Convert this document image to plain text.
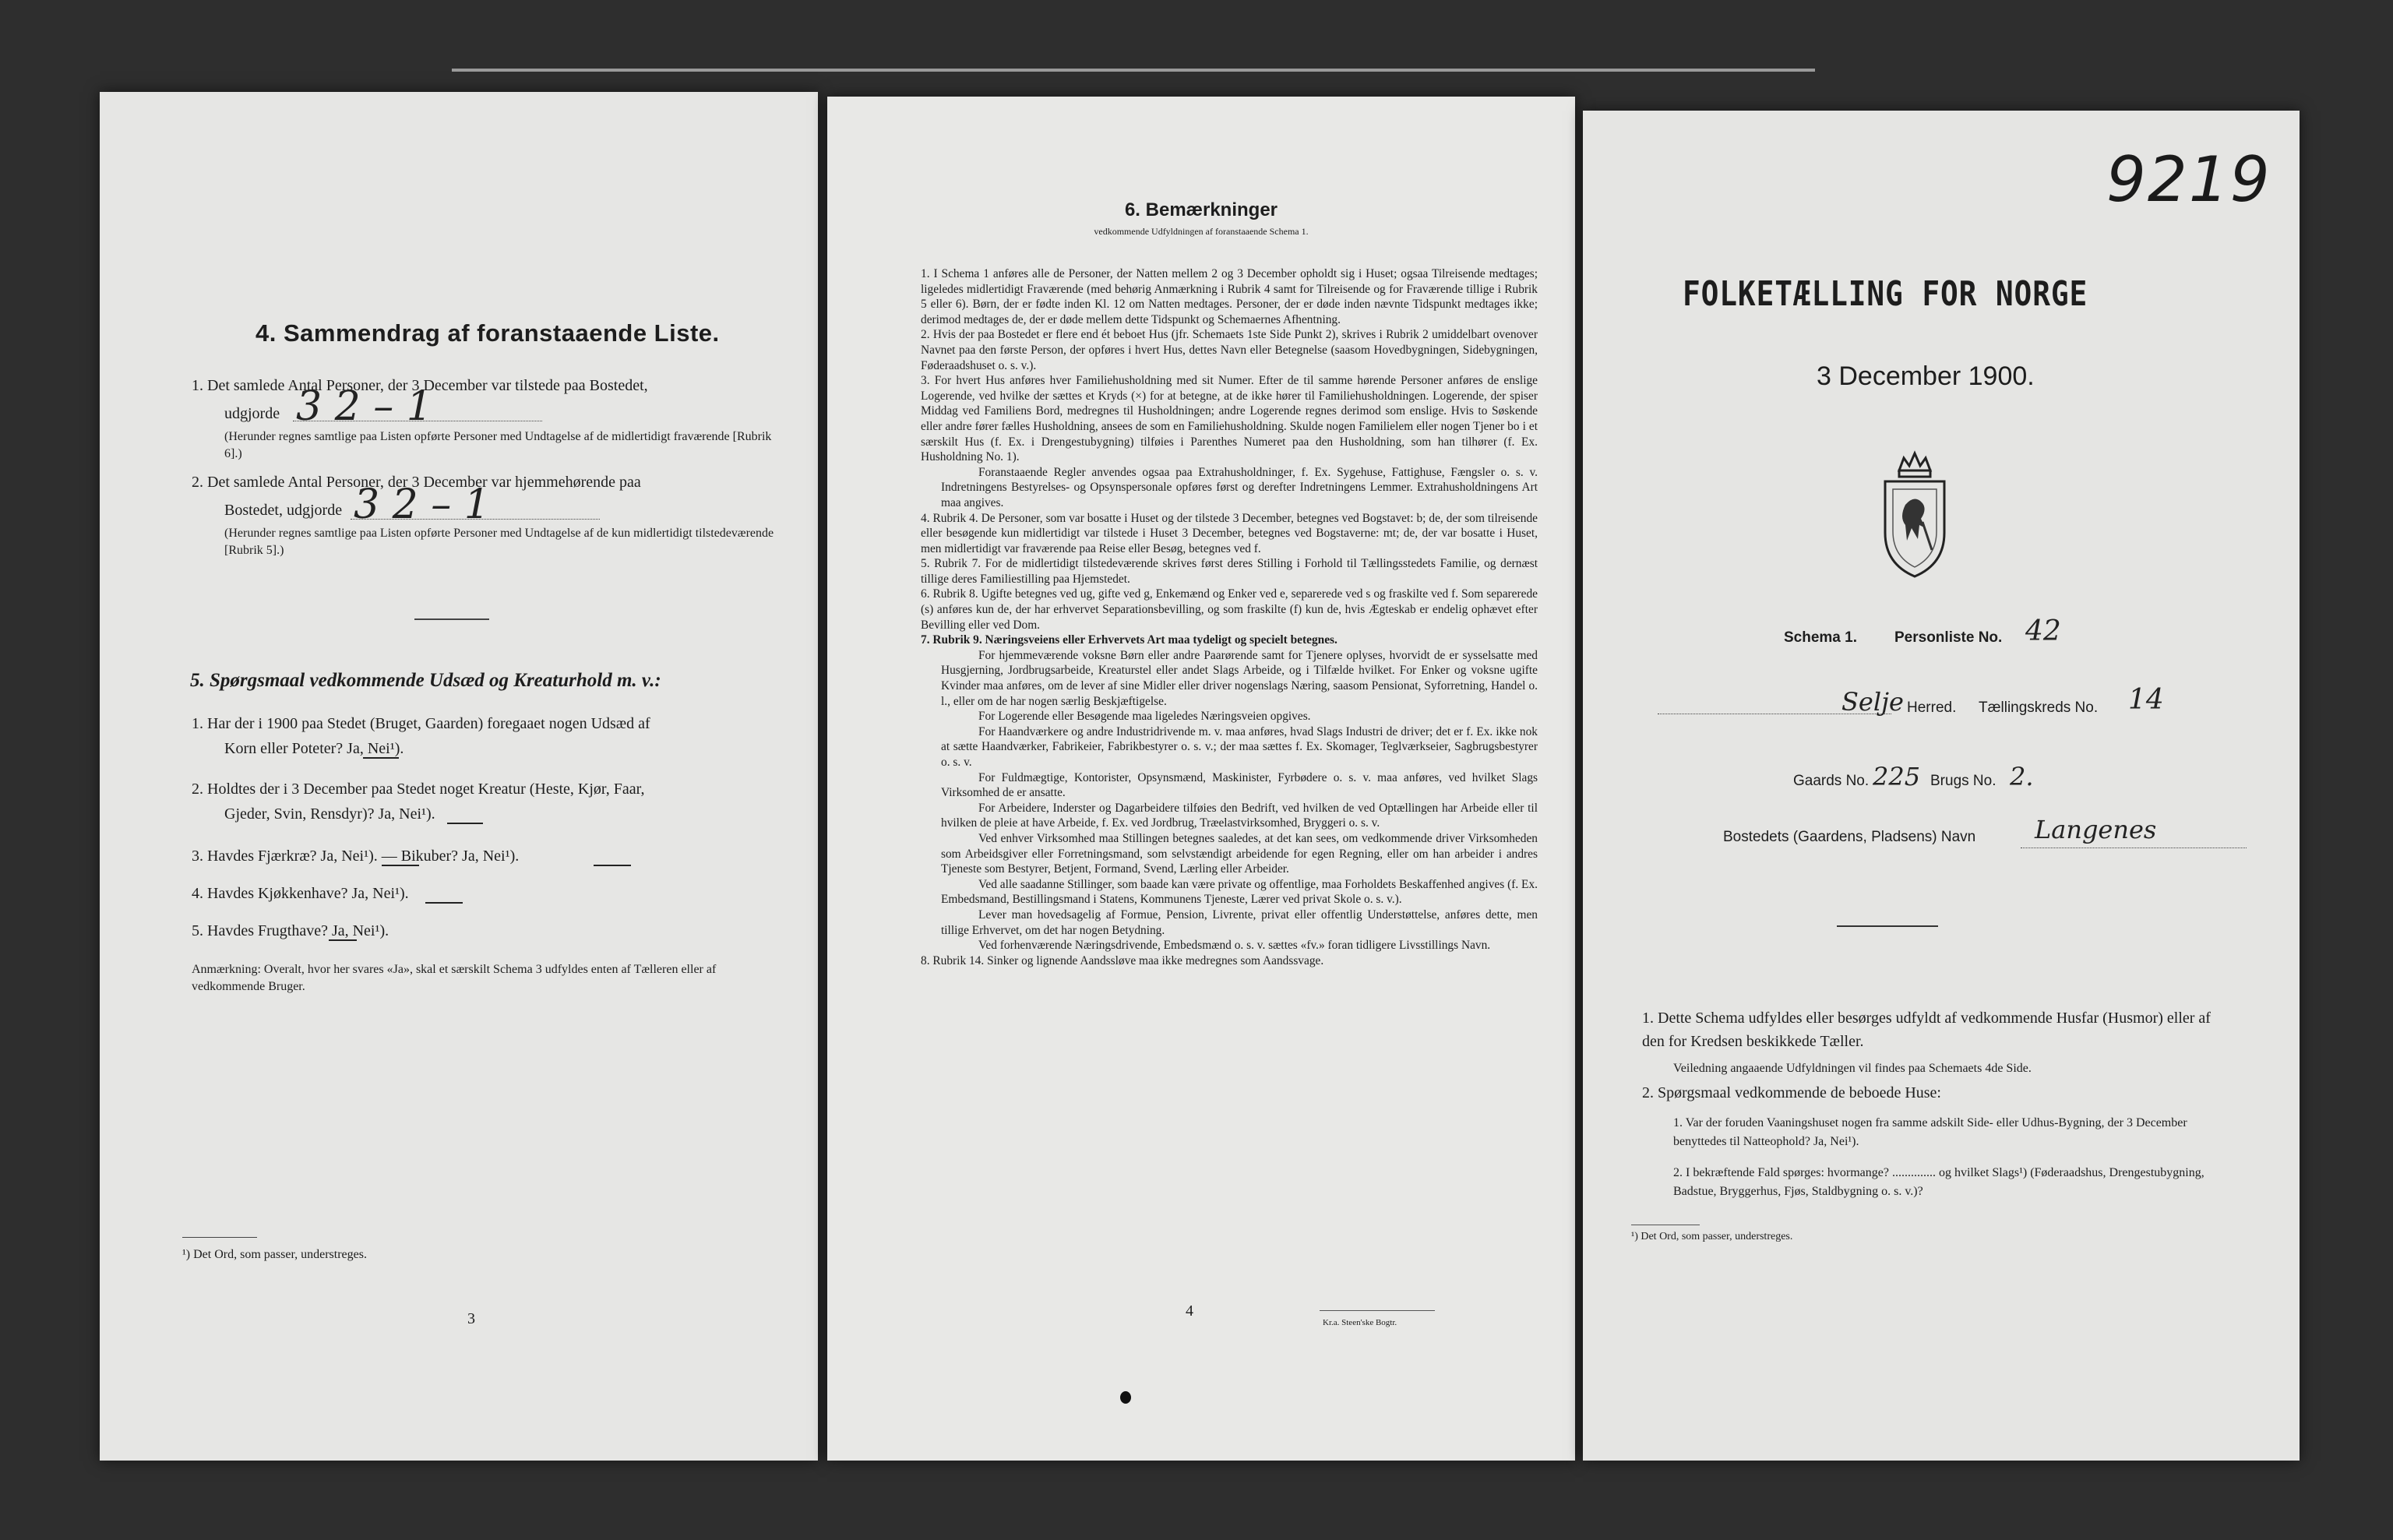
4. Sammendrag af foranstaaende Liste.
1. Det samlede Antal Personer, der 3 December var tilstede paa Bostedet,
udgjorde 3 2 – 1
(Herunder regnes samtlige paa Listen opførte Personer med Undtagelse af de midlertidigt fraværende [Rubrik 6].)
2. Det samlede Antal Personer, der 3 December var hjemmehørende paa
Bostedet, udgjorde 3 2 – 1
(Herunder regnes samtlige paa Listen opførte Personer med Undtagelse af de kun midlertidigt tilstedeværende [Rubrik 5].)
5. Spørgsmaal vedkommende Udsæd og Kreaturhold m. v.:
1. Har der i 1900 paa Stedet (Bruget, Gaarden) foregaaet nogen Udsæd af
Korn eller Poteter? Ja, Nei¹).
2. Holdtes der i 3 December paa Stedet noget Kreatur (Heste, Kjør, Faar,
Gjeder, Svin, Rensdyr)? Ja, Nei¹).
3. Havdes Fjærkræ? Ja, Nei¹). — Bikuber? Ja, Nei¹).
4. Havdes Kjøkkenhave? Ja, Nei¹).
5. Havdes Frugthave? Ja, Nei¹).
Anmærkning: Overalt, hvor her svares «Ja», skal et særskilt Schema 3 udfyldes enten af Tælleren eller af vedkommende Bruger.
¹) Det Ord, som passer, understreges.
3
6. Bemærkninger
vedkommende Udfyldningen af foranstaaende Schema 1.

1. I Schema 1 anføres alle de Personer, der Natten mellem 2 og 3 December opholdt sig i Huset; ogsaa Tilreisende medtages; ligeledes midlertidigt Fraværende (med behørig Anmærkning i Rubrik 4 samt for Tilreisende og for Fraværende tillige i Rubrik 5 eller 6). Børn, der er fødte inden Kl. 12 om Natten medtages. Personer, der er døde inden nævnte Tidspunkt medtages ikke; derimod medtages de, der er døde mellem dette Tidspunkt og Schemaernes Afhentning.

2. Hvis der paa Bostedet er flere end ét beboet Hus (jfr. Schemaets 1ste Side Punkt 2), skrives i Rubrik 2 umiddelbart ovenover Navnet paa den første Person, der opføres i hvert Hus, dettes Navn eller Betegnelse (saasom Hovedbygningen, Sidebygningen, Føderaadshuset o. s. v.).

3. For hvert Hus anføres hver Familiehusholdning med sit Numer. Efter de til samme hørende Personer anføres de enslige Logerende, ved hvilke der sættes et Kryds (×) for at betegne, at de ikke hører til Familiehusholdningen. Logerende, der spiser Middag ved Familiens Bord, medregnes til Husholdningen; andre Logerende regnes derimod som enslige. Hvis to Søskende eller andre fører fælles Husholdning, ansees de som en Familiehusholdning. Skulde nogen Familielem eller nogen Tjener bo i et særskilt Hus (f. Ex. i Drengestubygning) tilføies i Parenthes Numeret paa den Husholdning, som han tilhører (f. Ex. Husholdning No. 1).

Foranstaaende Regler anvendes ogsaa paa Extrahusholdninger, f. Ex. Sygehuse, Fattighuse, Fængsler o. s. v. Indretningens Bestyrelses- og Opsynspersonale opføres først og derefter Indretningens Lemmer. Extrahusholdningens Art maa angives.

4. Rubrik 4. De Personer, som var bosatte i Huset og der tilstede 3 December, betegnes ved Bogstavet: b; de, der som tilreisende eller besøgende kun midlertidigt var tilstede i Huset 3 December, betegnes ved Bogstaverne: mt; de, der var bosatte i Huset, men midlertidigt var fraværende paa Reise eller Besøg, betegnes ved f.

5. Rubrik 7. For de midlertidigt tilstedeværende skrives først deres Stilling i Forhold til Tællingsstedets Familie, og dernæst tillige deres Familiestilling paa Hjemstedet.

6. Rubrik 8. Ugifte betegnes ved ug, gifte ved g, Enkemænd og Enker ved e, separerede ved s og fraskilte ved f. Som separerede (s) anføres kun de, der har erhvervet Separationsbevilling, og som fraskilte (f) kun de, hvis Ægteskab er endelig ophævet efter Bevilling eller ved Dom.

7. Rubrik 9. Næringsveiens eller Erhvervets Art maa tydeligt og specielt betegnes.

For hjemmeværende voksne Børn eller andre Paarørende samt for Tjenere oplyses, hvorvidt de er sysselsatte med Husgjerning, Jordbrugsarbeide, Kreaturstel eller andet Slags Arbeide, og i Tilfælde hvilket. For Enker og voksne ugifte Kvinder maa anføres, om de lever af sine Midler eller driver nogenslags Næring, saasom Pensionat, Syforretning, Handel o. l., eller om de har nogen særlig Beskjæftigelse.

For Logerende eller Besøgende maa ligeledes Næringsveien opgives.

For Haandværkere og andre Industridrivende m. v. maa anføres, hvad Slags Industri de driver; det er f. Ex. ikke nok at sætte Haandværker, Fabrikeier, Fabrikbestyrer o. s. v.; der maa sættes f. Ex. Skomager, Teglværkseier, Sagbrugsbestyrer o. s. v.

For Fuldmægtige, Kontorister, Opsynsmænd, Maskinister, Fyrbødere o. s. v. maa anføres, ved hvilket Slags Virksomhed de er ansatte.

For Arbeidere, Inderster og Dagarbeidere tilføies den Bedrift, ved hvilken de ved Optællingen har Arbeide eller til hvilken de pleie at have Arbeide, f. Ex. ved Jordbrug, Træelastvirksomhed, Bryggeri o. s. v.

Ved enhver Virksomhed maa Stillingen betegnes saaledes, at det kan sees, om vedkommende driver Virksomheden som Arbeidsgiver eller Forretningsmand, som selvstændigt arbeidende for egen Regning, eller om han arbeider i andres Tjeneste som Bestyrer, Betjent, Formand, Svend, Lærling eller Arbeider.

Ved alle saadanne Stillinger, som baade kan være private og offentlige, maa Forholdets Beskaffenhed angives (f. Ex. Embedsmand, Bestillingsmand i Statens, Kommunens Tjeneste, Lærer ved privat Skole o. s. v.).

Lever man hovedsagelig af Formue, Pension, Livrente, privat eller offentlig Understøttelse, anføres dette, men tillige Erhvervet, om det har nogen Betydning.

Ved forhenværende Næringsdrivende, Embedsmænd o. s. v. sættes «fv.» foran tidligere Livsstillings Navn.

8. Rubrik 14. Sinker og lignende Aandssløve maa ikke medregnes som Aandssvage.

4
Kr.a. Steen'ske Bogtr.
9219
FOLKETÆLLING FOR NORGE
3 December 1900.
Schema 1.	Personliste No. 42
Selje Herred. Tællingskreds No. 14
Gaards No. 225 Brugs No. 2.
Bostedets (Gaardens, Pladsens) Navn Langenes
1. Dette Schema udfyldes eller besørges udfyldt af vedkommende Husfar (Husmor) eller af den for Kredsen beskikkede Tæller.
Veiledning angaaende Udfyldningen vil findes paa Schemaets 4de Side.
2. Spørgsmaal vedkommende de beboede Huse:
1. Var der foruden Vaaningshuset nogen fra samme adskilt Side- eller Udhus-Bygning, der 3 December benyttedes til Natteophold? Ja, Nei¹).
2. I bekræftende Fald spørges: hvormange? .............. og hvilket Slags¹) (Føderaadshus, Drengestubygning, Badstue, Bryggerhus, Fjøs, Staldbygning o. s. v.)?
¹) Det Ord, som passer, understreges.
